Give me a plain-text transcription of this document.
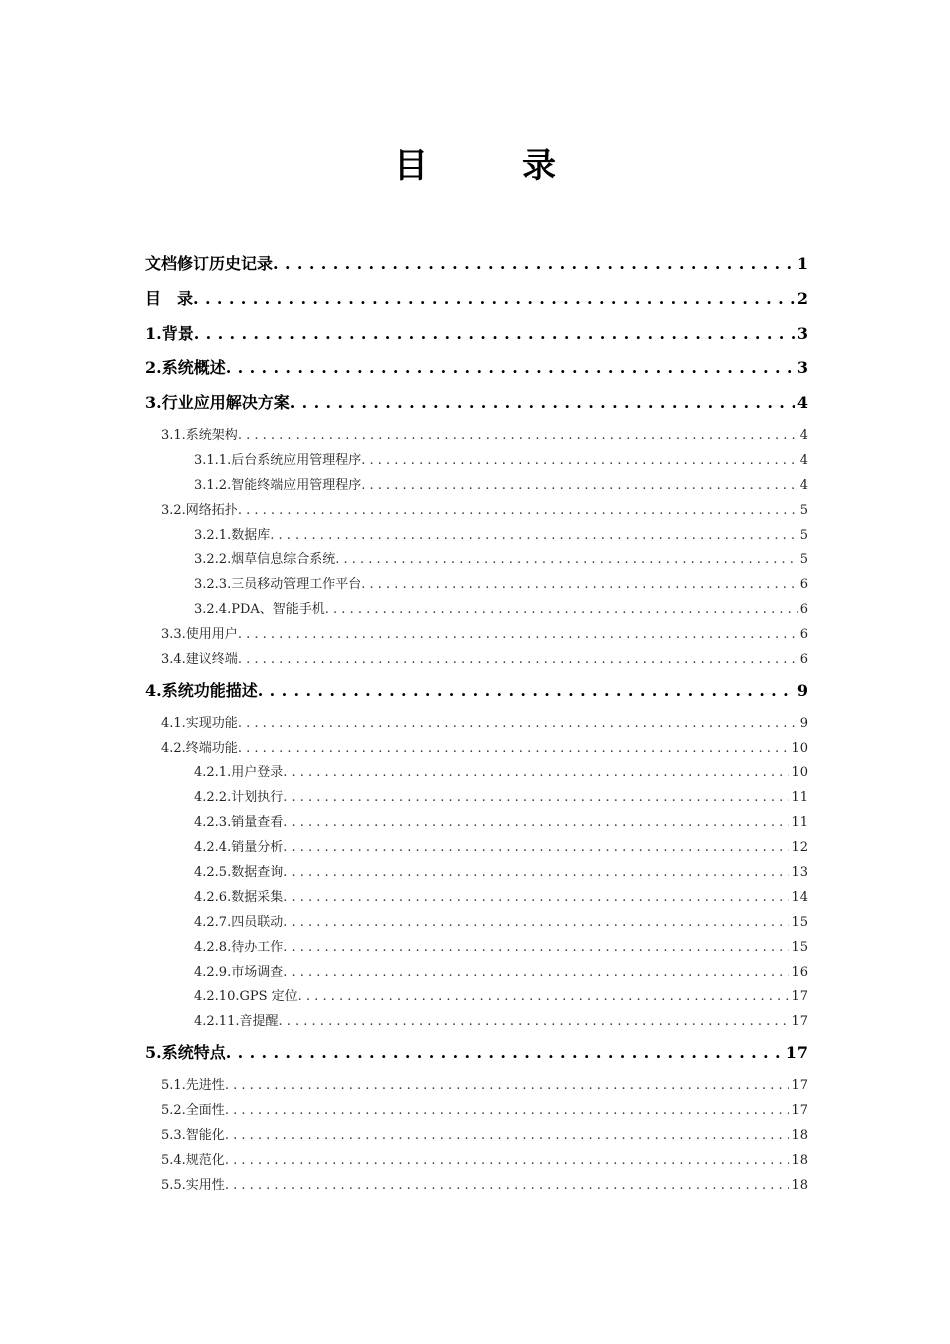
目　录
文档修订历史记录 . . .	1
目　录 . . .	2
1.背景 . . .	3
2.系统概述 . . .	3
3.行业应用解决方案 . . .	4
3.1.系统架构 . . .	4
3.1.1.后台系统应用管理程序 . . .	4
3.1.2.智能终端应用管理程序 . . .	4
3.2.网络拓扑 . . .	5
3.2.1.数据库 . . .	5
3.2.2.烟草信息综合系统 . . .	5
3.2.3.三员移动管理工作平台 . . .	6
3.2.4.PDA、智能手机 . . .	6
3.3.使用用户 . . .	6
3.4.建议终端 . . .	6
4.系统功能描述 . . .	9
4.1.实现功能 . . .	9
4.2.终端功能 . . .	10
4.2.1.用户登录 . . .	10
4.2.2.计划执行 . . .	11
4.2.3.销量查看 . . .	11
4.2.4.销量分析 . . .	12
4.2.5.数据查询 . . .	13
4.2.6.数据采集 . . .	14
4.2.7.四员联动 . . .	15
4.2.8.待办工作 . . .	15
4.2.9.市场调查 . . .	16
4.2.10.GPS 定位 . . .	17
4.2.11.音提醒 . . .	17
5.系统特点 . . .	17
5.1.先进性 . . .	17
5.2.全面性 . . .	17
5.3.智能化 . . .	18
5.4.规范化 . . .	18
5.5.实用性 . . .	18
